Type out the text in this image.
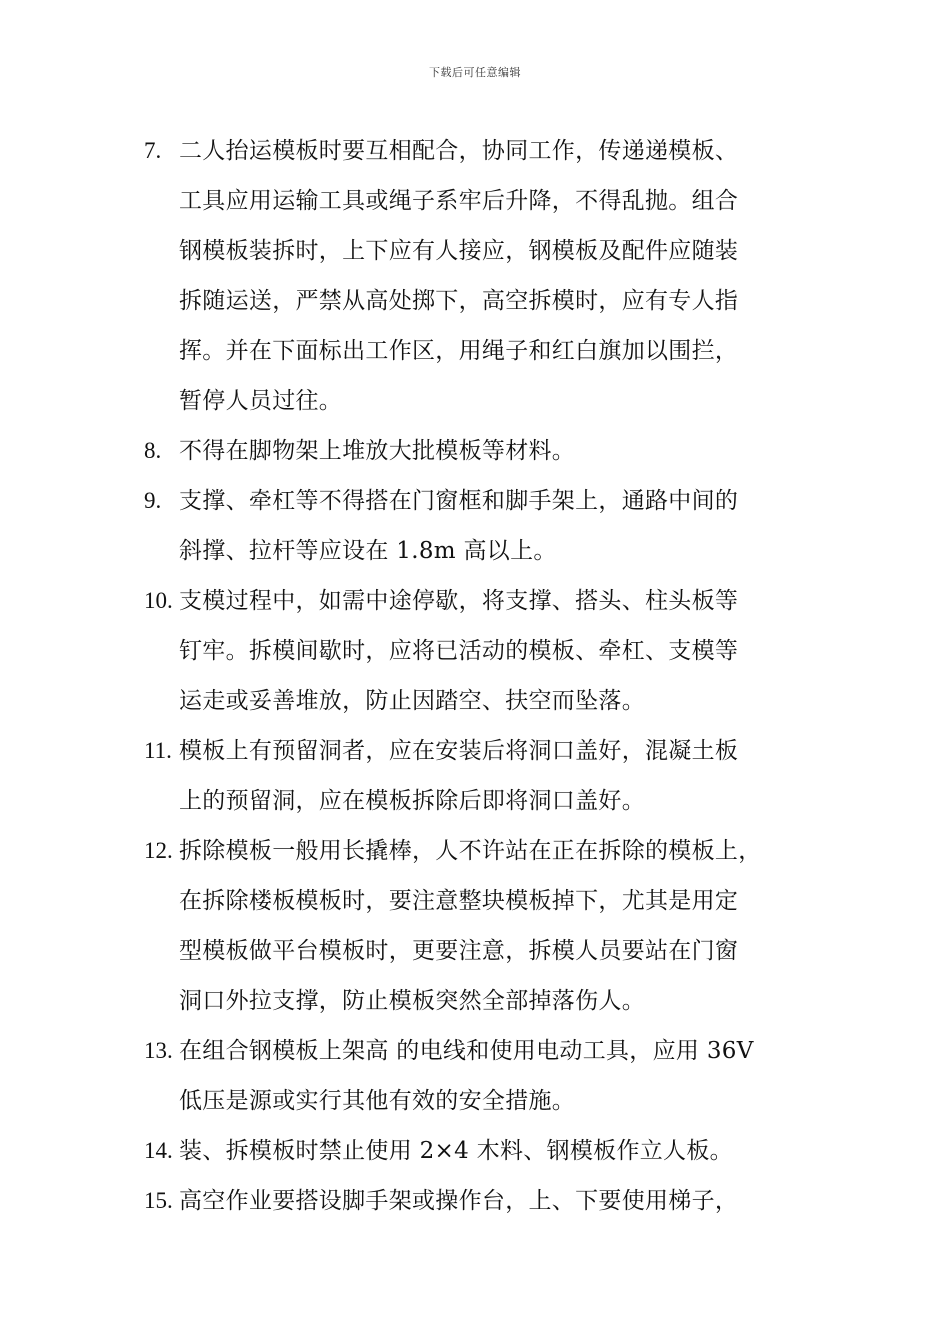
下载后可任意编辑
7. 二人抬运模板时要互相配合，协同工作，传递递模板、
工具应用运输工具或绳子系牢后升降，不得乱抛。组合
钢模板装拆时，上下应有人接应，钢模板及配件应随装
拆随运送，严禁从高处掷下，高空拆模时，应有专人指
挥。并在下面标出工作区，用绳子和红白旗加以围拦，
暂停人员过往。
8. 不得在脚物架上堆放大批模板等材料。
9. 支撑、牵杠等不得搭在门窗框和脚手架上，通路中间的
斜撑、拉杆等应设在 1.8m 高以上。
10. 支模过程中，如需中途停歇，将支撑、搭头、柱头板等
钉牢。拆模间歇时，应将已活动的模板、牵杠、支模等
运走或妥善堆放，防止因踏空、扶空而坠落。
11. 模板上有预留洞者，应在安装后将洞口盖好，混凝土板
上的预留洞，应在模板拆除后即将洞口盖好。
12. 拆除模板一般用长撬棒，人不许站在正在拆除的模板上，
在拆除楼板模板时，要注意整块模板掉下，尤其是用定
型模板做平台模板时，更要注意，拆模人员要站在门窗
洞口外拉支撑，防止模板突然全部掉落伤人。
13. 在组合钢模板上架高 的电线和使用电动工具，应用 36V
低压是源或实行其他有效的安全措施。
14. 装、拆模板时禁止使用 2×4 木料、钢模板作立人板。
15. 高空作业要搭设脚手架或操作台，上、下要使用梯子，
